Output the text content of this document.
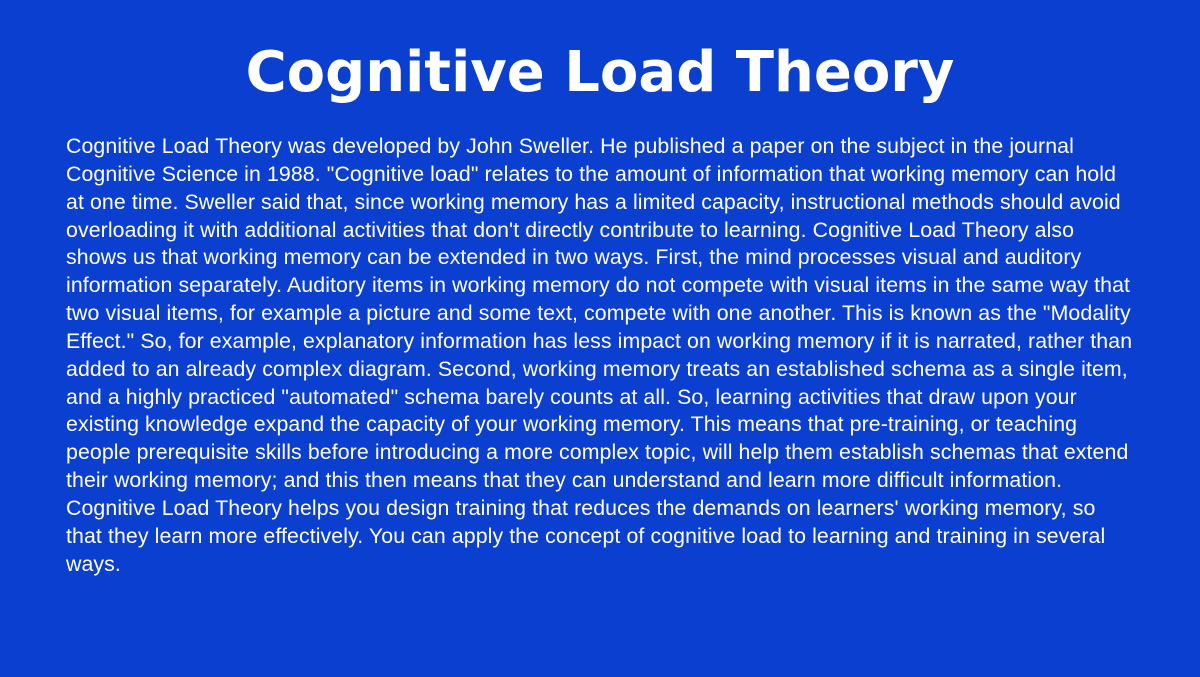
Cognitive Load Theory

Cognitive Load Theory was developed by John Sweller. He published a paper on the subject in the journal Cognitive Science in 1988. "Cognitive load" relates to the amount of information that working memory can hold at one time. Sweller said that, since working memory has a limited capacity, instructional methods should avoid overloading it with additional activities that don't directly contribute to learning. Cognitive Load Theory also shows us that working memory can be extended in two ways. First, the mind processes visual and auditory information separately. Auditory items in working memory do not compete with visual items in the same way that two visual items, for example a picture and some text, compete with one another. This is known as the "Modality Effect." So, for example, explanatory information has less impact on working memory if it is narrated, rather than added to an already complex diagram. Second, working memory treats an established schema as a single item, and a highly practiced "automated" schema barely counts at all. So, learning activities that draw upon your existing knowledge expand the capacity of your working memory. This means that pre-training, or teaching people prerequisite skills before introducing a more complex topic, will help them establish schemas that extend their working memory; and this then means that they can understand and learn more difficult information. Cognitive Load Theory helps you design training that reduces the demands on learners' working memory, so that they learn more effectively. You can apply the concept of cognitive load to learning and training in several ways.
